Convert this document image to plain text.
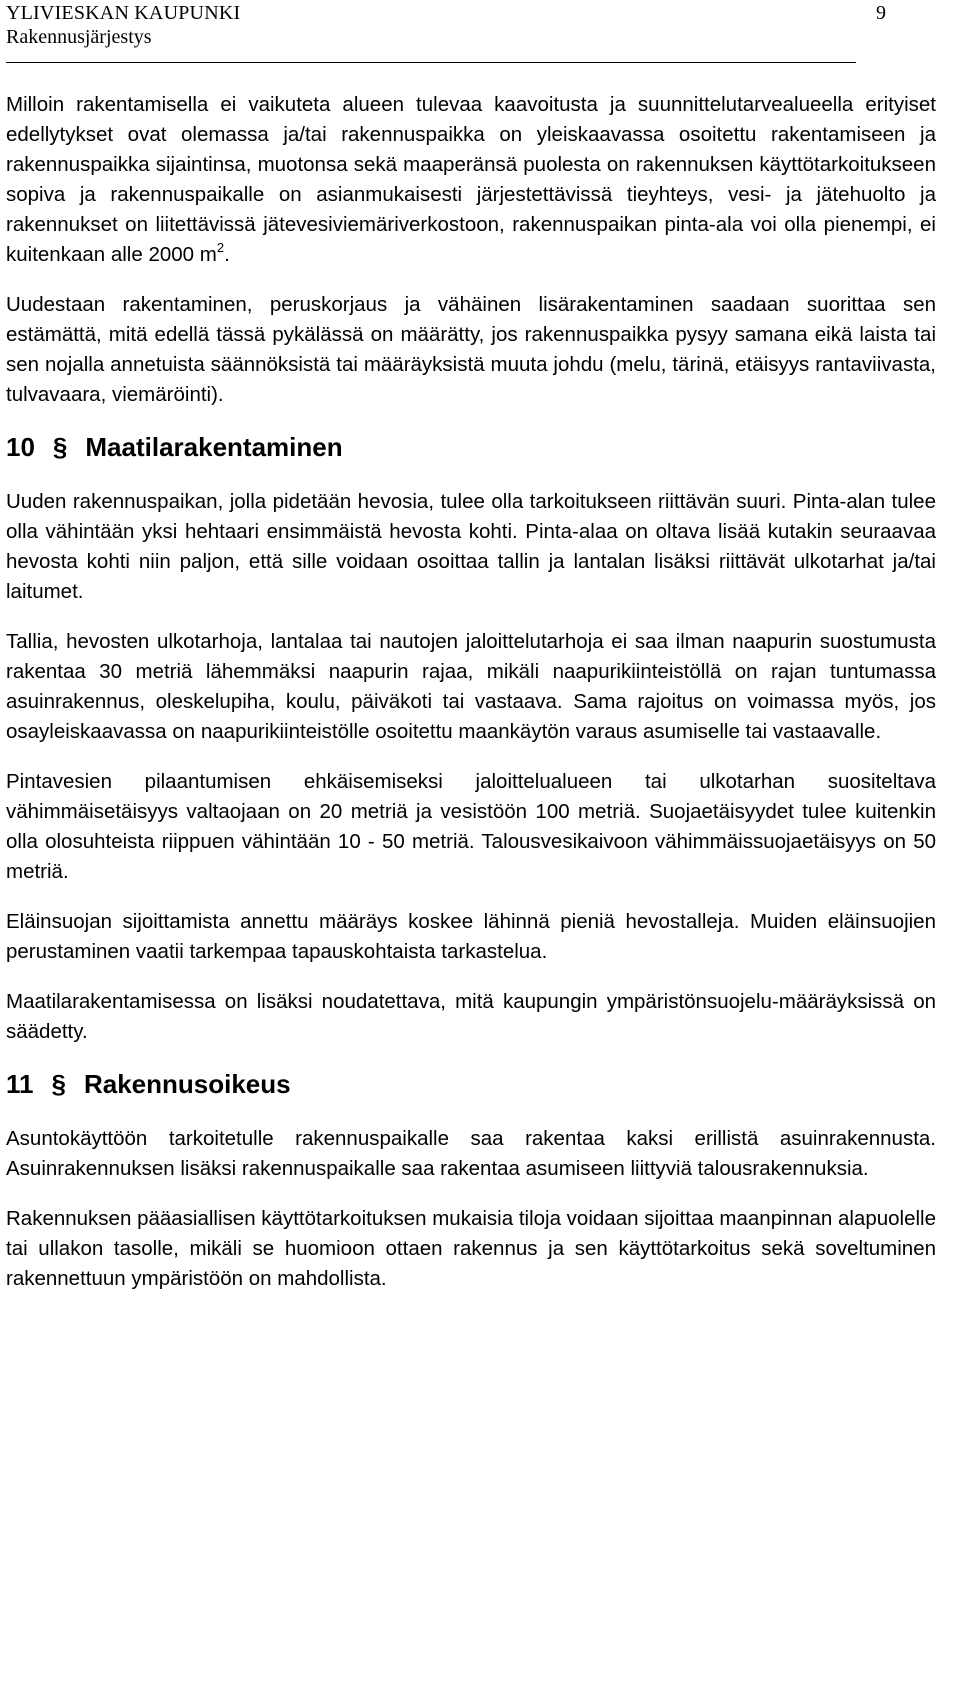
YLIVIESKAN KAUPUNKI
Rakennusjärjestys
9

Milloin rakentamisella ei vaikuteta alueen tulevaa kaavoitusta ja suunnittelutarvealueella erityiset edellytykset ovat olemassa ja/tai rakennuspaikka on yleiskaavassa osoitettu rakentamiseen ja rakennuspaikka sijaintinsa, muotonsa sekä maaperänsä puolesta on rakennuksen käyttötarkoitukseen sopiva ja rakennuspaikalle on asianmukaisesti järjestettävissä tieyhteys, vesi- ja jätehuolto ja rakennukset on liitettävissä jätevesiviemäriverkostoon, rakennuspaikan pinta-ala voi olla pienempi, ei kuitenkaan alle 2000 $m^2$.

Uudestaan rakentaminen, peruskorjaus ja vähäinen lisärakentaminen saadaan suorittaa sen estämättä, mitä edellä tässä pykälässä on määrätty, jos rakennuspaikka pysyy samana eikä laista tai sen nojalla annetuista säännöksistä tai määräyksistä muuta johdu (melu, tärinä, etäisyys rantaviivasta, tulvavaara, viemäröinti).

10 § Maatilarakentaminen

Uuden rakennuspaikan, jolla pidetään hevosia, tulee olla tarkoitukseen riittävän suuri. Pinta-alan tulee olla vähintään yksi hehtaari ensimmäistä hevosta kohti. Pinta-alaa on oltava lisää kutakin seuraavaa hevosta kohti niin paljon, että sille voidaan osoittaa tallin ja lantalan lisäksi riittävät ulkotarhat ja/tai laitumet.

Tallia, hevosten ulkotarhoja, lantalaa tai nautojen jaloittelutarhoja ei saa ilman naapurin suostumusta rakentaa 30 metriä lähemmäksi naapurin rajaa, mikäli naapurikiinteistöllä on rajan tuntumassa asuinrakennus, oleskelupiha, koulu, päiväkoti tai vastaava. Sama rajoitus on voimassa myös, jos osayleiskaavassa on naapurikiinteistölle osoitettu maankäytön varaus asumiselle tai vastaavalle.

Pintavesien pilaantumisen ehkäisemiseksi jaloittelualueen tai ulkotarhan suositeltava vähimmäisetäisyys valtaojaan on 20 metriä ja vesistöön 100 metriä. Suojaetäisyydet tulee kuitenkin olla olosuhteista riippuen vähintään 10 - 50 metriä. Talousvesikaivoon vähimmäissuojaetäisyys on 50 metriä.

Eläinsuojan sijoittamista annettu määräys koskee lähinnä pieniä hevostalleja. Muiden eläinsuojien perustaminen vaatii tarkempaa tapauskohtaista tarkastelua.

Maatilarakentamisessa on lisäksi noudatettava, mitä kaupungin ympäristönsuojelu-määräyksissä on säädetty.

11 § Rakennusoikeus

Asuntokäyttöön tarkoitetulle rakennuspaikalle saa rakentaa kaksi erillistä asuinrakennusta. Asuinrakennuksen lisäksi rakennuspaikalle saa rakentaa asumiseen liittyviä talousrakennuksia.

Rakennuksen pääasiallisen käyttötarkoituksen mukaisia tiloja voidaan sijoittaa maanpinnan alapuolelle tai ullakon tasolle, mikäli se huomioon ottaen rakennus ja sen käyttötarkoitus sekä soveltuminen rakennettuun ympäristöön on mahdollista.
